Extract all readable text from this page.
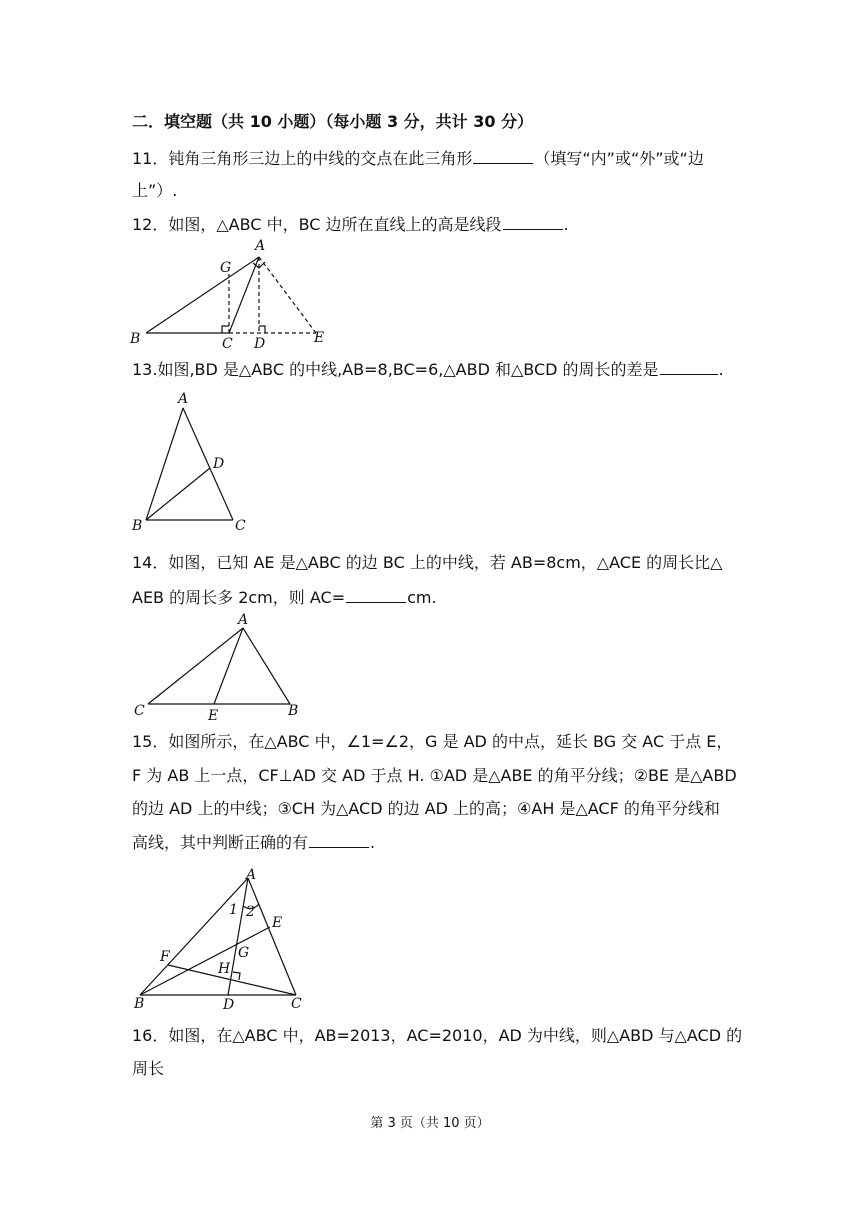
二．填空题（共 10 小题）（每小题 3 分，共计 30 分）
11．钝角三角形三边上的中线的交点在此三角形	（填写“内”或“外”或“边
上”）.
12．如图，△ABC 中，BC 边所在直线上的高是线段	.
A
G
B	C D	E
13.如图,BD 是△ABC 的中线,AB=8,BC=6,△ABD 和△BCD 的周长的差是	.
A
D
B	C
14．如图，已知 AE 是△ABC 的边 BC 上的中线，若 AB=8cm，△ACE 的周长比△
AEB 的周长多 2cm，则 AC=	cm.
A
C	E	B
15．如图所示，在△ABC 中，∠1=∠2，G 是 AD 的中点，延长 BG 交 AC 于点 E，
F 为 AB 上一点，CF⊥AD 交 AD 于点 H. ①AD 是△ABE 的角平分线；②BE 是△ABD
的边 AD 上的中线；③CH 为△ACD 的边 AD 上的高；④AH 是△ACF 的角平分线和
高线，其中判断正确的有	.
A
1 2
E
G
F
H
B	D	C
16．如图，在△ABC 中，AB=2013，AC=2010，AD 为中线，则△ABD 与△ACD 的
周长
第 3 页（共 10 页）
